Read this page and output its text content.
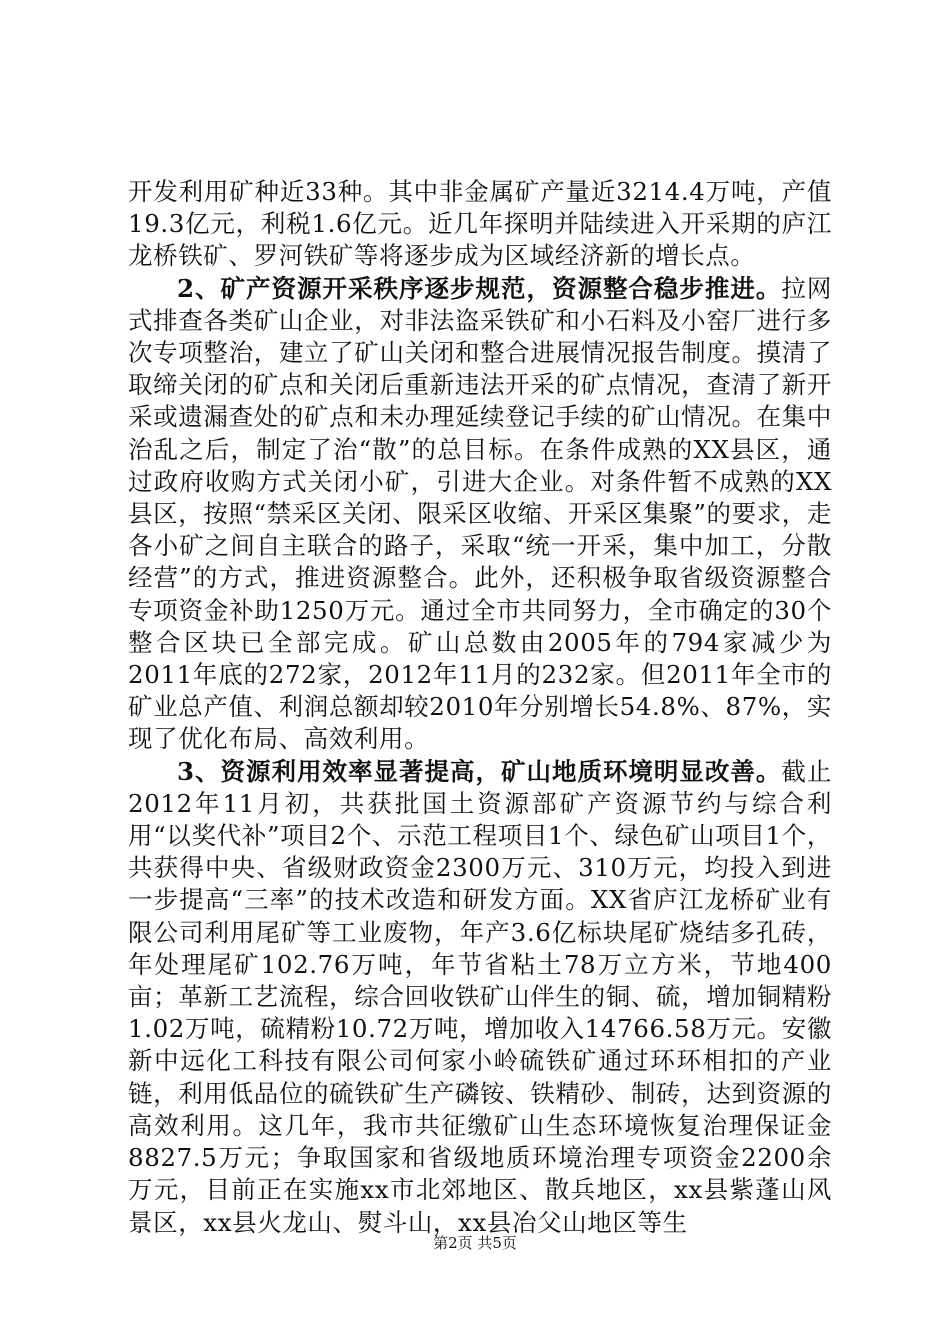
开发利用矿种近33种。其中非金属矿产量近3214.4万吨，产值19.3亿元，利税1.6亿元。近几年探明并陆续进入开采期的庐江龙桥铁矿、罗河铁矿等将逐步成为区域经济新的增长点。

2、矿产资源开采秩序逐步规范，资源整合稳步推进。拉网式排查各类矿山企业，对非法盗采铁矿和小石料及小窑厂进行多次专项整治，建立了矿山关闭和整合进展情况报告制度。摸清了取缔关闭的矿点和关闭后重新违法开采的矿点情况，查清了新开采或遗漏查处的矿点和未办理延续登记手续的矿山情况。在集中治乱之后，制定了治“散”的总目标。在条件成熟的XX县区，通过政府收购方式关闭小矿，引进大企业。对条件暂不成熟的XX县区，按照“禁采区关闭、限采区收缩、开采区集聚”的要求，走各小矿之间自主联合的路子，采取“统一开采，集中加工，分散经营”的方式，推进资源整合。此外，还积极争取省级资源整合专项资金补助1250万元。通过全市共同努力，全市确定的30个整合区块已全部完成。矿山总数由2005年的794家减少为2011年底的272家，2012年11月的232家。但2011年全市的矿业总产值、利润总额却较2010年分别增长54.8%、87%，实现了优化布局、高效利用。

3、资源利用效率显著提高，矿山地质环境明显改善。截止2012年11月初，共获批国土资源部矿产资源节约与综合利用“以奖代补”项目2个、示范工程项目1个、绿色矿山项目1个，共获得中央、省级财政资金2300万元、310万元，均投入到进一步提高“三率”的技术改造和研发方面。XX省庐江龙桥矿业有限公司利用尾矿等工业废物，年产3.6亿标块尾矿烧结多孔砖，年处理尾矿102.76万吨，年节省粘土78万立方米，节地400亩；革新工艺流程，综合回收铁矿山伴生的铜、硫，增加铜精粉1.02万吨，硫精粉10.72万吨，增加收入14766.58万元。安徽新中远化工科技有限公司何家小岭硫铁矿通过环环相扣的产业链，利用低品位的硫铁矿生产磷铵、铁精砂、制砖，达到资源的高效利用。这几年，我市共征缴矿山生态环境恢复治理保证金8827.5万元；争取国家和省级地质环境治理专项资金2200余万元，目前正在实施xx市北郊地区、散兵地区，xx县紫蓬山风景区，xx县火龙山、熨斗山，xx县冶父山地区等生

第2页 共5页
